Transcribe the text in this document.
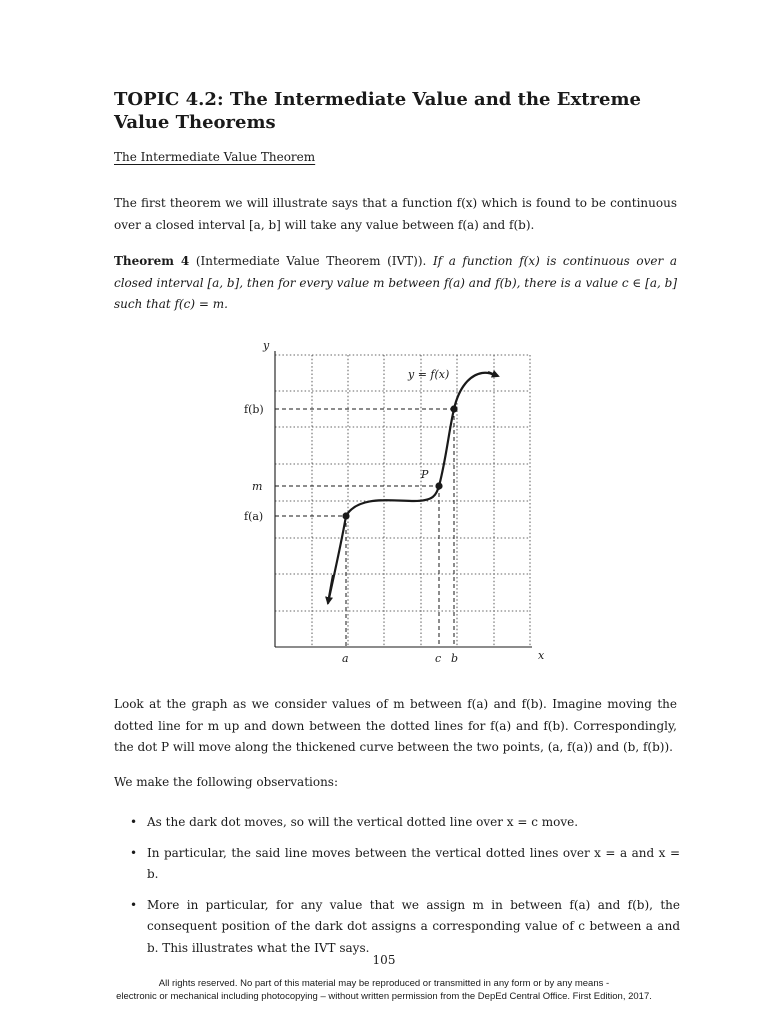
TOPIC 4.2: The Intermediate Value and the Extreme Value Theorems
The Intermediate Value Theorem

The first theorem we will illustrate says that a function f(x) which is found to be continuous over a closed interval [a, b] will take any value between f(a) and f(b).

Theorem 4 (Intermediate Value Theorem (IVT)). If a function f(x) is continuous over a closed interval [a, b], then for every value m between f(a) and f(b), there is a value c ∈ [a, b] such that f(c) = m.

y
x
y = f(x)
f(b)
m
f(a)
P
a	c b

Look at the graph as we consider values of m between f(a) and f(b). Imagine moving the dotted line for m up and down between the dotted lines for f(a) and f(b). Correspondingly, the dot P will move along the thickened curve between the two points, (a, f(a)) and (b, f(b)).

We make the following observations:

• As the dark dot moves, so will the vertical dotted line over x = c move.
• In particular, the said line moves between the vertical dotted lines over x = a and x = b.
• More in particular, for any value that we assign m in between f(a) and f(b), the consequent position of the dark dot assigns a corresponding value of c between a and b. This illustrates what the IVT says.
105
All rights reserved. No part of this material may be reproduced or transmitted in any form or by any means -
electronic or mechanical including photocopying – without written permission from the DepEd Central Office. First Edition, 2017.
